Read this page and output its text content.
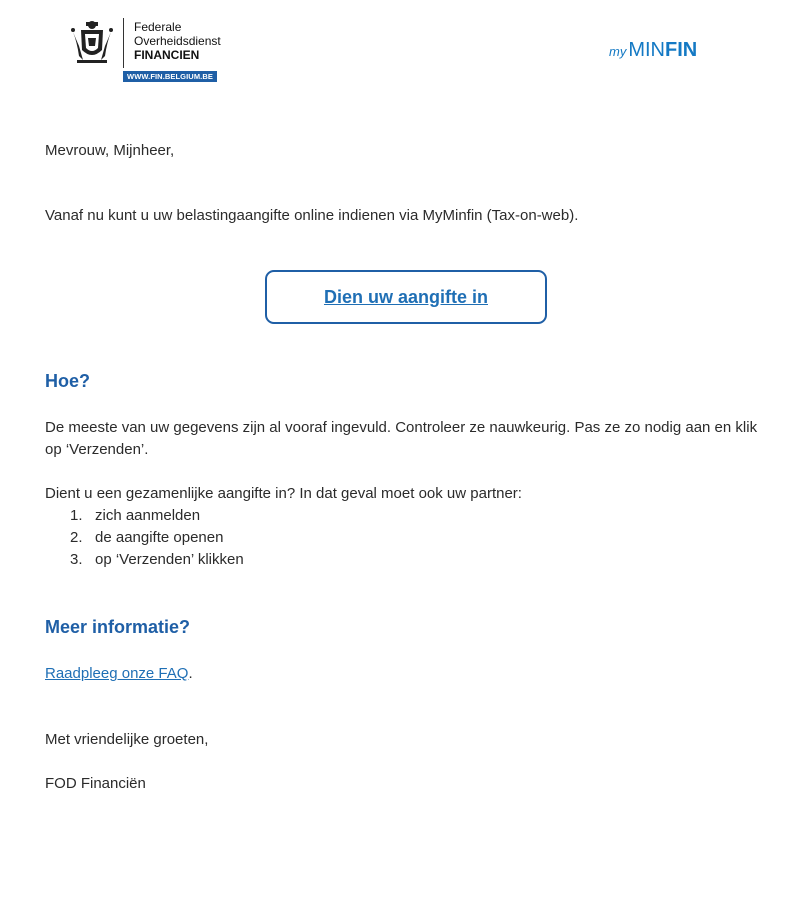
Federale
Overheidsdienst
FINANCIEN
WWW.FIN.BELGIUM.BE
my MINFIN

Mevrouw, Mijnheer,

Vanaf nu kunt u uw belastingaangifte online indienen via MyMinfin (Tax-on-web).

Dien uw aangifte in
Hoe?

De meeste van uw gegevens zijn al vooraf ingevuld. Controleer ze nauwkeurig. Pas ze zo nodig aan en klik op ‘Verzenden’.

Dient u een gezamenlijke aangifte in? In dat geval moet ook uw partner:

1. zich aanmelden
2. de aangifte openen
3. op ‘Verzenden’ klikken
Meer informatie?

Raadpleeg onze FAQ.

Met vriendelijke groeten,

FOD Financiën
